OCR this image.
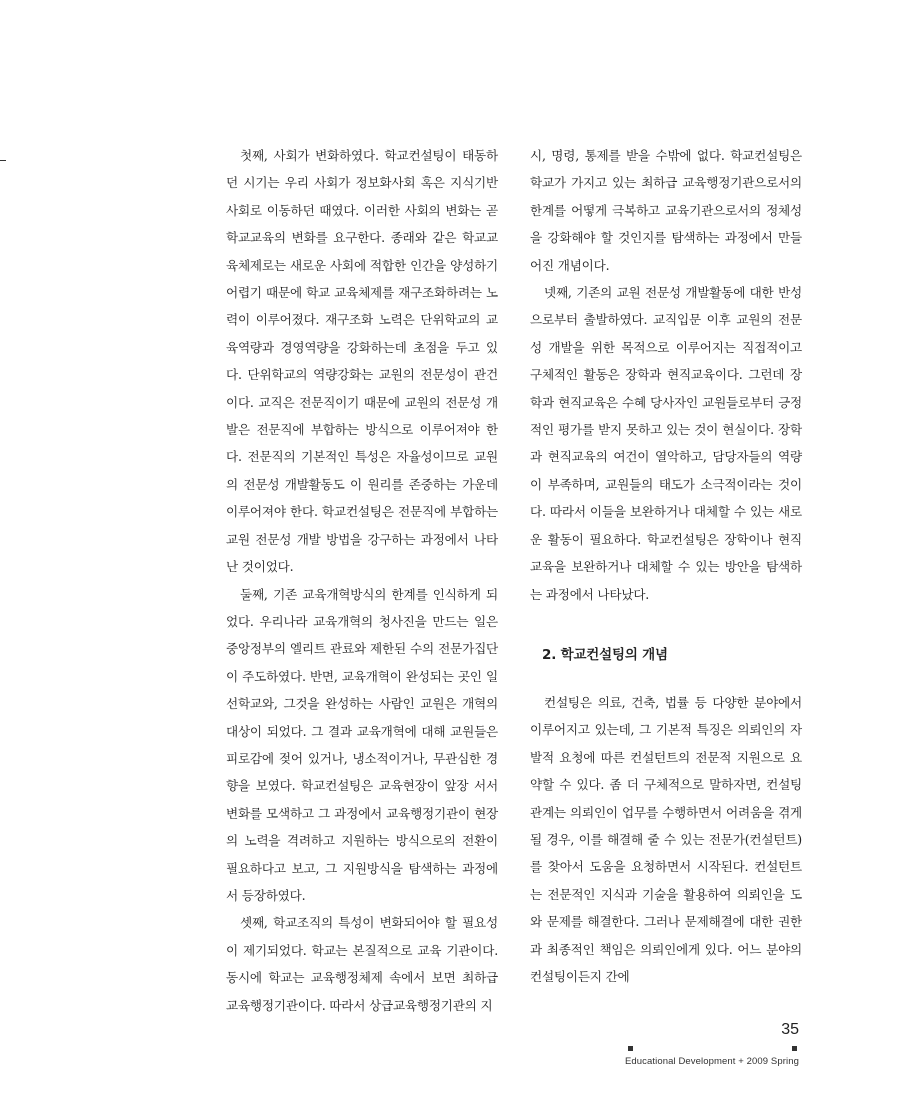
첫째, 사회가 변화하였다. 학교컨설팅이 태동하던 시기는 우리 사회가 정보화사회 혹은 지식기반사회로 이동하던 때였다. 이러한 사회의 변화는 곧 학교교육의 변화를 요구한다. 종래와 같은 학교교육체제로는 새로운 사회에 적합한 인간을 양성하기 어렵기 때문에 학교 교육체제를 재구조화하려는 노력이 이루어졌다. 재구조화 노력은 단위학교의 교육역량과 경영역량을 강화하는데 초점을 두고 있다. 단위학교의 역량강화는 교원의 전문성이 관건이다. 교직은 전문직이기 때문에 교원의 전문성 개발은 전문직에 부합하는 방식으로 이루어져야 한다. 전문직의 기본적인 특성은 자율성이므로 교원의 전문성 개발활동도 이 원리를 존중하는 가운데 이루어져야 한다. 학교컨설팅은 전문직에 부합하는 교원 전문성 개발 방법을 강구하는 과정에서 나타난 것이었다.

둘째, 기존 교육개혁방식의 한계를 인식하게 되었다. 우리나라 교육개혁의 청사진을 만드는 일은 중앙정부의 엘리트 관료와 제한된 수의 전문가집단이 주도하였다. 반면, 교육개혁이 완성되는 곳인 일선학교와, 그것을 완성하는 사람인 교원은 개혁의 대상이 되었다. 그 결과 교육개혁에 대해 교원들은 피로감에 젖어 있거나, 냉소적이거나, 무관심한 경향을 보였다. 학교컨설팅은 교육현장이 앞장 서서 변화를 모색하고 그 과정에서 교육행정기관이 현장의 노력을 격려하고 지원하는 방식으로의 전환이 필요하다고 보고, 그 지원방식을 탐색하는 과정에서 등장하였다.

셋째, 학교조직의 특성이 변화되어야 할 필요성이 제기되었다. 학교는 본질적으로 교육 기관이다. 동시에 학교는 교육행정체제 속에서 보면 최하급 교육행정기관이다. 따라서 상급교육행정기관의 지

시, 명령, 통제를 받을 수밖에 없다. 학교컨설팅은 학교가 가지고 있는 최하급 교육행정기관으로서의 한계를 어떻게 극복하고 교육기관으로서의 정체성을 강화해야 할 것인지를 탐색하는 과정에서 만들어진 개념이다.

넷째, 기존의 교원 전문성 개발활동에 대한 반성으로부터 출발하였다. 교직입문 이후 교원의 전문성 개발을 위한 목적으로 이루어지는 직접적이고 구체적인 활동은 장학과 현직교육이다. 그런데 장학과 현직교육은 수혜 당사자인 교원들로부터 긍정적인 평가를 받지 못하고 있는 것이 현실이다. 장학과 현직교육의 여건이 열악하고, 담당자들의 역량이 부족하며, 교원들의 태도가 소극적이라는 것이다. 따라서 이들을 보완하거나 대체할 수 있는 새로운 활동이 필요하다. 학교컨설팅은 장학이나 현직교육을 보완하거나 대체할 수 있는 방안을 탐색하는 과정에서 나타났다.

2. 학교컨설팅의 개념

컨설팅은 의료, 건축, 법률 등 다양한 분야에서 이루어지고 있는데, 그 기본적 특징은 의뢰인의 자발적 요청에 따른 컨설턴트의 전문적 지원으로 요약할 수 있다. 좀 더 구체적으로 말하자면, 컨설팅 관계는 의뢰인이 업무를 수행하면서 어려움을 겪게 될 경우, 이를 해결해 줄 수 있는 전문가(컨설턴트)를 찾아서 도움을 요청하면서 시작된다. 컨설턴트는 전문적인 지식과 기술을 활용하여 의뢰인을 도와 문제를 해결한다. 그러나 문제해결에 대한 권한과 최종적인 책임은 의뢰인에게 있다. 어느 분야의 컨설팅이든지 간에

35
Educational Development + 2009 Spring
